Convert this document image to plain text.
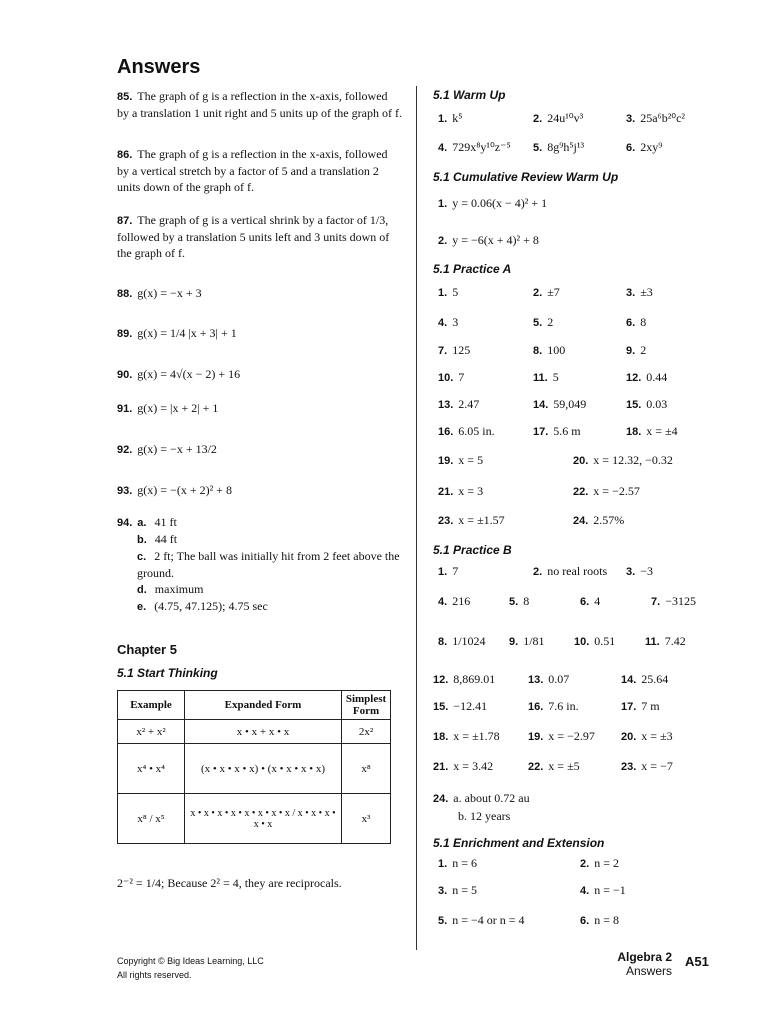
Answers
85. The graph of g is a reflection in the x-axis, followed by a translation 1 unit right and 5 units up of the graph of f.
86. The graph of g is a reflection in the x-axis, followed by a vertical stretch by a factor of 5 and a translation 2 units down of the graph of f.
87. The graph of g is a vertical shrink by a factor of 1/3, followed by a translation 5 units left and 3 units down of the graph of f.
88. g(x) = −x + 3
89. g(x) = 1/4 |x + 3| + 1
90. g(x) = 4√(x − 2) + 16
91. g(x) = |x + 2| + 1
92. g(x) = −x + 13/2
93. g(x) = −(x + 2)² + 8
94. a. 41 ft
b. 44 ft

c. 2 ft; The ball was initially hit from 2 feet above the ground.
d. maximum
e. (4.75, 47.125); 4.75 sec
Chapter 5
5.1 Start Thinking
Example	Expanded Form	Simplest Form
x² + x²	x • x + x • x	2x²
x⁴ • x⁴	(x • x • x • x) • (x • x • x • x)	x⁸
x⁸ / x⁵	x • x • x • x • x • x • x • x / x • x • x • x • x	x³
2⁻² = 1/4; Because 2² = 4, they are reciprocals.
5.1 Warm Up
1. k⁵	2. 24u¹⁰v³	3. 25a⁶b²⁰c²
4. 729x⁸y¹⁰z⁻⁵ 5. 8g⁹h⁵j¹³	6. 2xy⁹
5.1 Cumulative Review Warm Up
1. y = 0.06(x − 4)² + 1
2. y = −6(x + 4)² + 8
5.1 Practice A
5.1 Practice B
5.1 Enrichment and Extension
Copyright © Big Ideas Learning, LLC
All rights reserved.
Algebra 2
Answers
A51
1. 5	2. ±7	3. ±3
4. 3	5. 2	6. 8
7. 125	8. 100	9. 2
10. 7	11. 5	12. 0.44
13. 2.47	14. 59,049	15. 0.03
16. 6.05 in.	17. 5.6 m	18. x = ±4
19. x = 5	20. x = 12.32, −0.32
21. x = 3	22. x = −2.57
23. x = ±1.57	24. 2.57%
1. 7	2. no real roots 3. −3
4. 216	5. 8	6. 4	7. −3125
8. 1/1024 9. 1/81	10. 0.51	11. 7.42
12. 8,869.01	13. 0.07	14. 25.64
15. −12.41	16. 7.6 in.	17. 7 m
18. x = ±1.78	19. x = −2.97 20. x = ±3
21. x = 3.42	22. x = ±5	23. x = −7
24. a. about 0.72 au
b. 12 years
1. n = 6	2. n = 2
3. n = 5	4. n = −1
5. n = −4 or n = 4	6. n = 8
